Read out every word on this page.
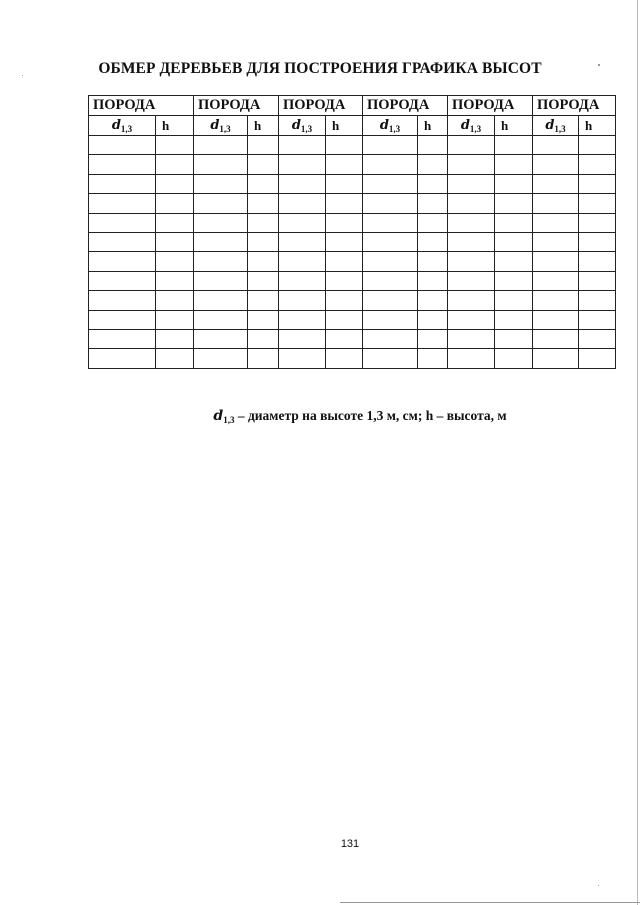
ОБМЕР ДЕРЕВЬЕВ ДЛЯ ПОСТРОЕНИЯ ГРАФИКА ВЫСОТ
ПОРОДА		ПОРОДА		ПОРОДА		ПОРОДА		ПОРОДА		ПОРОДА	
$d_{1,3}$	h	$d_{1,3}$	h	$d_{1,3}$	h	$d_{1,3}$	h	$d_{1,3}$	h	$d_{1,3}$	h

$d_{1,3}$ – диаметр на высоте 1,3 м, см; h – высота, м
131
